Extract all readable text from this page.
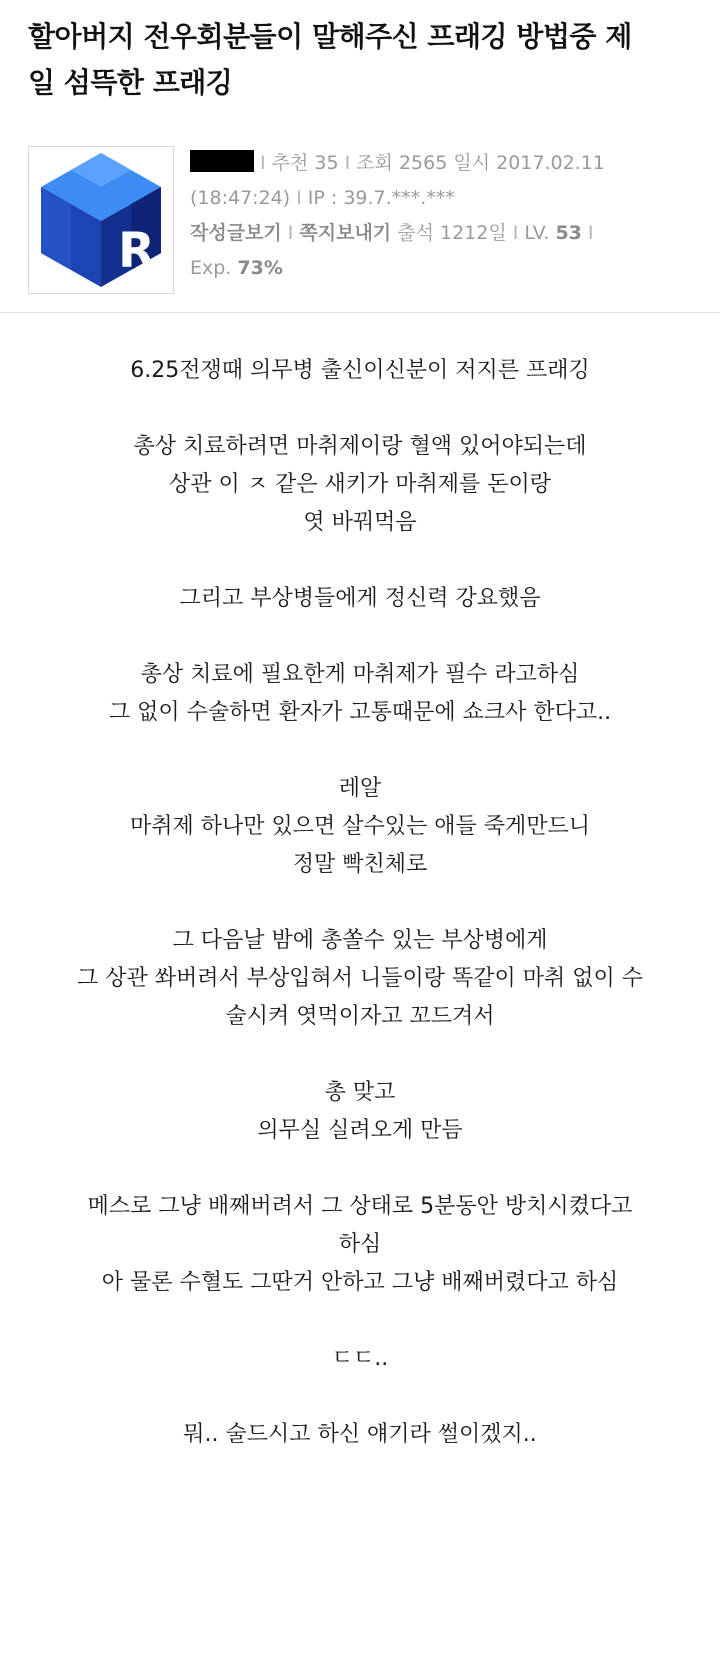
할아버지 전우회분들이 말해주신 프래깅 방법중 제
일 섬뜩한 프래깅
R
I 추천 35 I 조회 2565 일시 2017.02.11
(18:47:24) I IP : 39.7.***.***
작성글보기 I 쪽지보내기 출석 1212일 I LV. 53 I
Exp. 73%
6.25전쟁때 의무병 출신이신분이 저지른 프래깅
총상 치료하려면 마취제이랑 혈액 있어야되는데
상관 이 ㅈ 같은 새키가 마취제를 돈이랑
엿 바꿔먹음
그리고 부상병들에게 정신력 강요했음
총상 치료에 필요한게 마취제가 필수 라고하심
그 없이 수술하면 환자가 고통때문에 쇼크사 한다고..
레알
마취제 하나만 있으면 살수있는 애들 죽게만드니
정말 빡친체로
그 다음날 밤에 총쏠수 있는 부상병에게
그 상관 쏴버려서 부상입혀서 니들이랑 똑같이 마취 없이 수
술시켜 엿먹이자고 꼬드겨서
총 맞고
의무실 실려오게 만듬
메스로 그냥 배째버려서 그 상태로 5분동안 방치시켰다고
하심
아 물론 수혈도 그딴거 안하고 그냥 배째버렸다고 하심
ㄷㄷ..
뭐.. 술드시고 하신 얘기라 썰이겠지..
